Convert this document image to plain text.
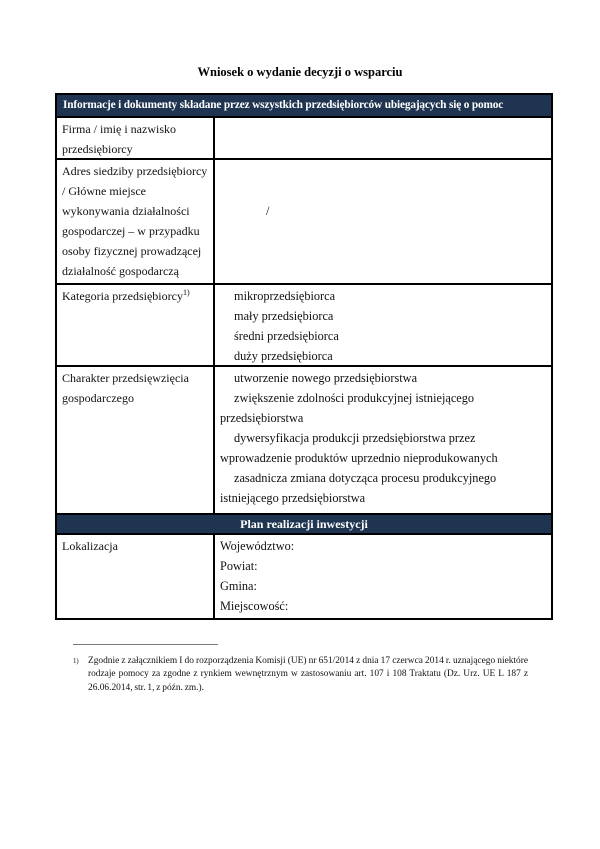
Wniosek o wydanie decyzji o wsparciu
Informacje i dokumenty składane przez wszystkich przedsiębiorców ubiegających się o pomoc
Firma / imię i nazwisko przedsiębiorcy
Adres siedziby przedsiębiorcy / Główne miejsce wykonywania działalności gospodarczej – w przypadku osoby fizycznej prowadzącej działalność gospodarczą
/
Kategoria przedsiębiorcy$^{1)}$	mikroprzedsiębiorca
mały przedsiębiorca
średni przedsiębiorca
duży przedsiębiorca
Charakter przedsięwzięcia gospodarczego
utworzenie nowego przedsiębiorstwa
zwiększenie zdolności produkcyjnej istniejącego przedsiębiorstwa
dywersyfikacja produkcji przedsiębiorstwa przez wprowadzenie produktów uprzednio nieprodukowanych
zasadnicza zmiana dotycząca procesu produkcyjnego istniejącego przedsiębiorstwa
Plan realizacji inwestycji
Lokalizacja	Województwo:
Powiat:
Gmina:
Miejscowość:
1) Zgodnie z załącznikiem I do rozporządzenia Komisji (UE) nr 651/2014 z dnia 17 czerwca 2014 r. uznającego niektóre rodzaje pomocy za zgodne z rynkiem wewnętrznym w zastosowaniu art. 107 i 108 Traktatu (Dz. Urz. UE L 187 z 26.06.2014, str. 1, z późn. zm.).
